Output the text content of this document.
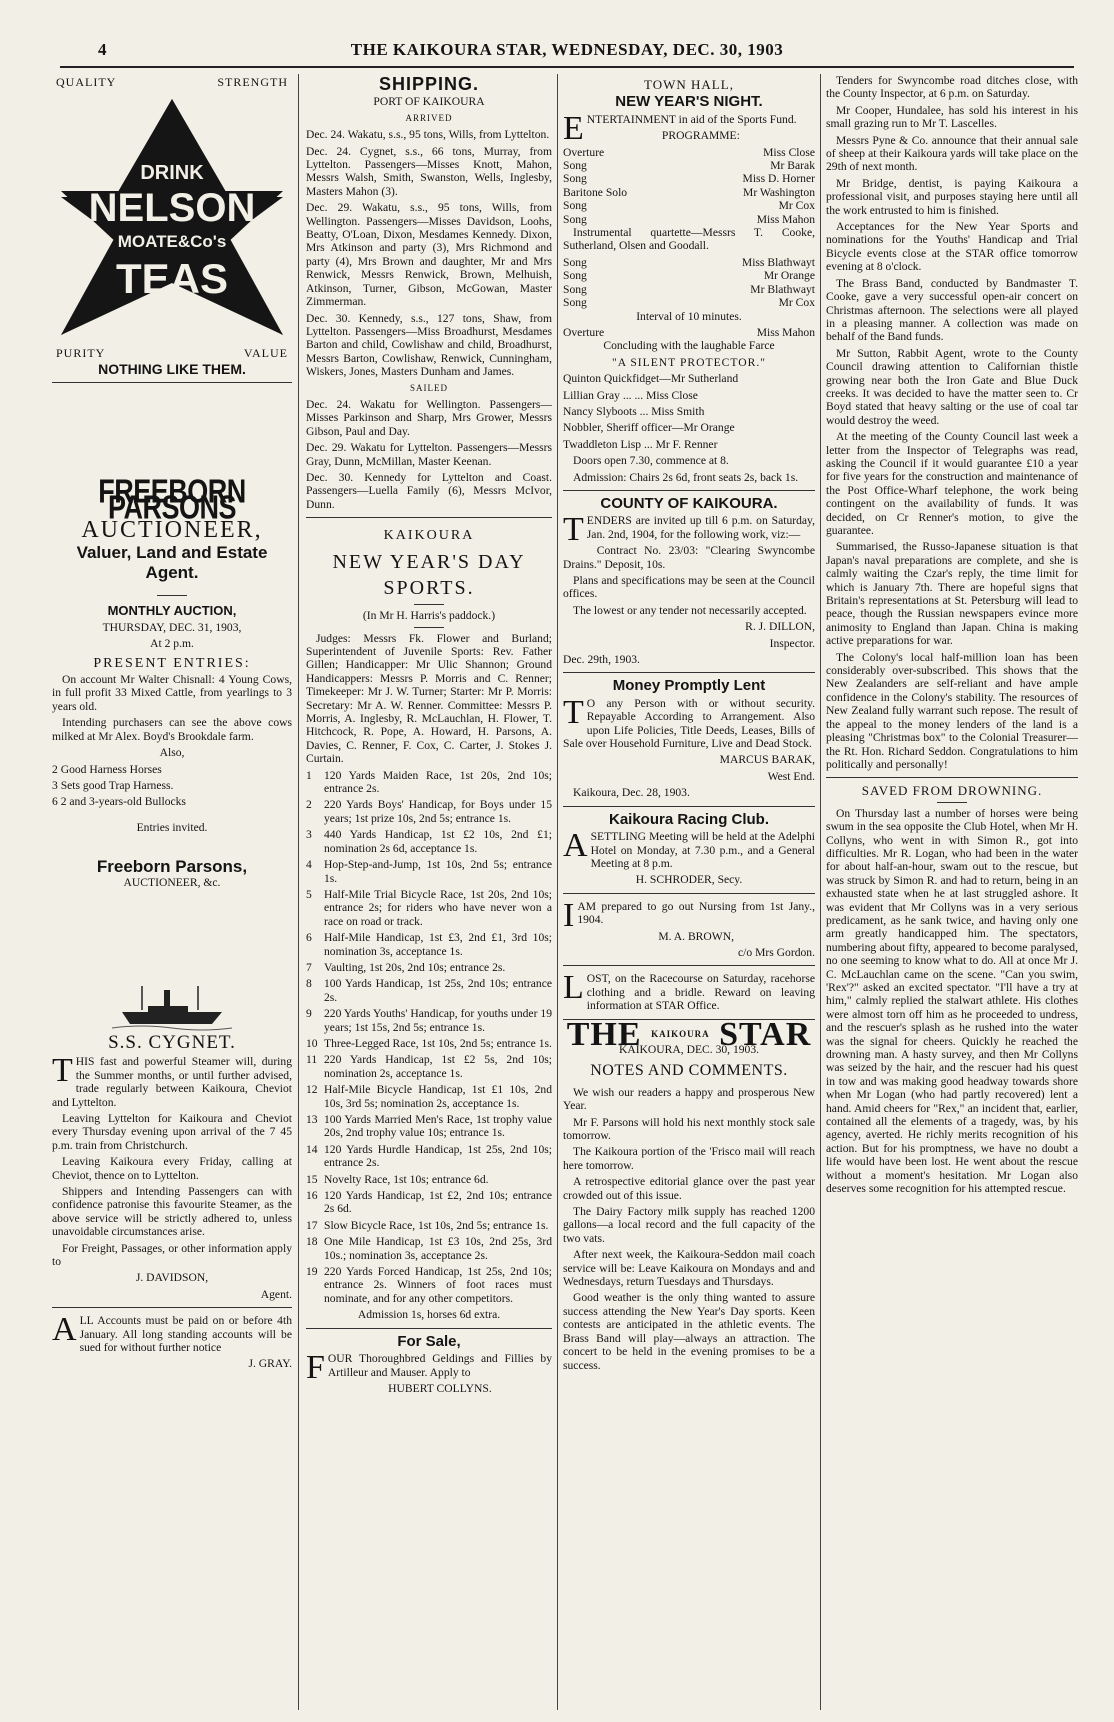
4	THE KAIKOURA STAR, WEDNESDAY, DEC. 30, 1903
QUALITY	STRENGTH
DRINK
NELSON
MOATE&Co's
TEAS
PURITY	VALUE

NOTHING LIKE THEM.

FREEBORN PARSONS
AUCTIONEER,
Valuer, Land and Estate Agent.

MONTHLY AUCTION,

THURSDAY, DEC. 31, 1903,

At 2 p.m.

PRESENT ENTRIES:

On account Mr Walter Chisnall: 4 Young Cows, in full profit 33 Mixed Cattle, from yearlings to 3 years old.

Intending purchasers can see the above cows milked at Mr Alex. Boyd's Brookdale farm.

Also,

2 Good Harness Horses

3 Sets good Trap Harness.

6 2 and 3-years-old Bullocks

Entries invited.

Freeborn Parsons,

AUCTIONEER, &c.

S.S. CYGNET.

THIS fast and powerful Steamer will, during the Summer months, or until further advised, trade regularly between Kaikoura, Cheviot and Lyttelton.

Leaving Lyttelton for Kaikoura and Cheviot every Thursday evening upon arrival of the 7 45 p.m. train from Christchurch.

Leaving Kaikoura every Friday, calling at Cheviot, thence on to Lyttelton.

Shippers and Intending Passengers can with confidence patronise this favourite Steamer, as the above service will be strictly adhered to, unless unavoidable circumstances arise.

For Freight, Passages, or other information apply to

J. DAVIDSON,

Agent.

ALL Accounts must be paid on or before 4th January. All long standing accounts will be sued for without further notice

J. GRAY.

SHIPPING.

PORT OF KAIKOURA

ARRIVED

Dec. 24. Wakatu, s.s., 95 tons, Wills, from Lyttelton.

Dec. 24. Cygnet, s.s., 66 tons, Murray, from Lyttelton. Passengers—Misses Knott, Mahon, Messrs Walsh, Smith, Swanston, Wells, Inglesby, Masters Mahon (3).

Dec. 29. Wakatu, s.s., 95 tons, Wills, from Wellington. Passengers—Misses Davidson, Loohs, Beatty, O'Loan, Dixon, Mesdames Kennedy. Dixon, Mrs Atkinson and party (3), Mrs Richmond and party (4), Mrs Brown and daughter, Mr and Mrs Renwick, Messrs Renwick, Brown, Melhuish, Atkinson, Turner, Gibson, McGowan, Master Zimmerman.

Dec. 30. Kennedy, s.s., 127 tons, Shaw, from Lyttelton. Passengers—Miss Broadhurst, Mesdames Barton and child, Cowlishaw and child, Broadhurst, Messrs Barton, Cowlishaw, Renwick, Cunningham, Wiskers, Jones, Masters Dunham and James.

SAILED

Dec. 24. Wakatu for Wellington. Passengers—Misses Parkinson and Sharp, Mrs Grower, Messrs Gibson, Paul and Day.

Dec. 29. Wakatu for Lyttelton. Passengers—Messrs Gray, Dunn, McMillan, Master Keenan.

Dec. 30. Kennedy for Lyttelton and Coast. Passengers—Luella Family (6), Messrs McIvor, Dunn.

KAIKOURA
NEW YEAR'S DAY
SPORTS.

(In Mr H. Harris's paddock.)

Judges: Messrs Fk. Flower and Burland; Superintendent of Juvenile Sports: Rev. Father Gillen; Handicapper: Mr Ulic Shannon; Ground Handicappers: Messrs P. Morris and C. Renner; Timekeeper: Mr J. W. Turner; Starter: Mr P. Morris: Secretary: Mr A. W. Renner. Committee: Messrs P. Morris, A. Inglesby, R. McLauchlan, H. Flower, T. Hitchcock, R. Pope, A. Howard, H. Parsons, A. Davies, C. Renner, F. Cox, C. Carter, J. Stokes J. Curtain.

1	120 Yards Maiden Race, 1st 20s, 2nd 10s; entrance 2s.
2	220 Yards Boys' Handicap, for Boys under 15 years; 1st prize 10s, 2nd 5s; entrance 1s.
3	440 Yards Handicap, 1st £2 10s, 2nd £1; nomination 2s 6d, acceptance 1s.
4	Hop-Step-and-Jump, 1st 10s, 2nd 5s; entrance 1s.
5	Half-Mile Trial Bicycle Race, 1st 20s, 2nd 10s; entrance 2s; for riders who have never won a race on road or track.
6	Half-Mile Handicap, 1st £3, 2nd £1, 3rd 10s; nomination 3s, acceptance 1s.
7	Vaulting, 1st 20s, 2nd 10s; entrance 2s.
8	100 Yards Handicap, 1st 25s, 2nd 10s; entrance 2s.
9	220 Yards Youths' Handicap, for youths under 19 years; 1st 15s, 2nd 5s; entrance 1s.
10 Three-Legged Race, 1st 10s, 2nd 5s; entrance 1s.
11 220 Yards Handicap, 1st £2 5s, 2nd 10s; nomination 2s, acceptance 1s.
12 Half-Mile Bicycle Handicap, 1st £1 10s, 2nd 10s, 3rd 5s; nomination 2s, acceptance 1s.
13 100 Yards Married Men's Race, 1st trophy value 20s, 2nd trophy value 10s; entrance 1s.
14 120 Yards Hurdle Handicap, 1st 25s, 2nd 10s; entrance 2s.
15 Novelty Race, 1st 10s; entrance 6d.
16 120 Yards Handicap, 1st £2, 2nd 10s; entrance 2s 6d.
17 Slow Bicycle Race, 1st 10s, 2nd 5s; entrance 1s.
18 One Mile Handicap, 1st £3 10s, 2nd 25s, 3rd 10s.; nomination 3s, acceptance 2s.
19 220 Yards Forced Handicap, 1st 25s, 2nd 10s; entrance 2s. Winners of foot races must nominate, and for any other competitors.

Admission 1s, horses 6d extra.

For Sale,

FOUR Thoroughbred Geldings and Fillies by Artilleur and Mauser. Apply to

HUBERT COLLYNS.

TOWN HALL,
NEW YEAR'S NIGHT.

ENTERTAINMENT in aid of the Sports Fund.

PROGRAMME:

Overture	Miss Close
Song	Mr Barak
Song	Miss D. Horner
Baritone Solo	Mr Washington
Song	Mr Cox
Song	Miss Mahon

Instrumental quartette—Messrs T. Cooke, Sutherland, Olsen and Goodall.

Song	Miss Blathwayt
Song	Mr Orange
Song	Mr Blathwayt
Song	Mr Cox

Interval of 10 minutes.

Overture	Miss Mahon

Concluding with the laughable Farce

"A SILENT PROTECTOR."

Quinton Quickfidget—Mr Sutherland

Lillian Gray ... ... Miss Close

Nancy Slyboots ... Miss Smith

Nobbler, Sheriff officer—Mr Orange

Twaddleton Lisp ... Mr F. Renner

Doors open 7.30, commence at 8.

Admission: Chairs 2s 6d, front seats 2s, back 1s.

COUNTY OF KAIKOURA.

TENDERS are invited up till 6 p.m. on Saturday, Jan. 2nd, 1904, for the following work, viz:—

Contract No. 23/03: "Clearing Swyncombe Drains." Deposit, 10s.

Plans and specifications may be seen at the Council offices.

The lowest or any tender not necessarily accepted.

R. J. DILLON,

Inspector.

Dec. 29th, 1903.

Money Promptly Lent

TO any Person with or without security. Repayable According to Arrangement. Also upon Life Policies, Title Deeds, Leases, Bills of Sale over Household Furniture, Live and Dead Stock.

MARCUS BARAK,

West End.

Kaikoura, Dec. 28, 1903.

Kaikoura Racing Club.

ASETTLING Meeting will be held at the Adelphi Hotel on Monday, at 7.30 p.m., and a General Meeting at 8 p.m.

H. SCHRODER, Secy.

IAM prepared to go out Nursing from 1st Jany., 1904.

M. A. BROWN,

c/o Mrs Gordon.

LOST, on the Racecourse on Saturday, racehorse clothing and a bridle. Reward on leaving information at STAR Office.

THE $^{KAIKOURA}$ STAR

KAIKOURA, DEC. 30, 1903.

NOTES AND COMMENTS.

We wish our readers a happy and prosperous New Year.

Mr F. Parsons will hold his next monthly stock sale tomorrow.

The Kaikoura portion of the 'Frisco mail will reach here tomorrow.

A retrospective editorial glance over the past year crowded out of this issue.

The Dairy Factory milk supply has reached 1200 gallons—a local record and the full capacity of the two vats.

After next week, the Kaikoura-Seddon mail coach service will be: Leave Kaikoura on Mondays and and Wednesdays, return Tuesdays and Thursdays.

Good weather is the only thing wanted to assure success attending the New Year's Day sports. Keen contests are anticipated in the athletic events. The Brass Band will play—always an attraction. The concert to be held in the evening promises to be a success.

Tenders for Swyncombe road ditches close, with the County Inspector, at 6 p.m. on Saturday.

Mr Cooper, Hundalee, has sold his interest in his small grazing run to Mr T. Lascelles.

Messrs Pyne & Co. announce that their annual sale of sheep at their Kaikoura yards will take place on the 29th of next month.

Mr Bridge, dentist, is paying Kaikoura a professional visit, and purposes staying here until all the work entrusted to him is finished.

Acceptances for the New Year Sports and nominations for the Youths' Handicap and Trial Bicycle events close at the STAR office tomorrow evening at 8 o'clock.

The Brass Band, conducted by Bandmaster T. Cooke, gave a very successful open-air concert on Christmas afternoon. The selections were all played in a pleasing manner. A collection was made on behalf of the Band funds.

Mr Sutton, Rabbit Agent, wrote to the County Council drawing attention to Californian thistle growing near both the Iron Gate and Blue Duck creeks. It was decided to have the matter seen to. Cr Boyd stated that heavy salting or the use of coal tar would destroy the weed.

At the meeting of the County Council last week a letter from the Inspector of Telegraphs was read, asking the Council if it would guarantee £10 a year for five years for the construction and maintenance of the Post Office-Wharf telephone, the work being contingent on the availability of funds. It was decided, on Cr Renner's motion, to give the guarantee.

Summarised, the Russo-Japanese situation is that Japan's naval preparations are complete, and she is calmly waiting the Czar's reply, the time limit for which is January 7th. There are hopeful signs that Britain's representations at St. Petersburg will lead to peace, though the Russian newspapers evince more animosity to England than Japan. China is making active preparations for war.

The Colony's local half-million loan has been considerably over-subscribed. This shows that the New Zealanders are self-reliant and have ample confidence in the Colony's stability. The resources of New Zealand fully warrant such repose. The result of the appeal to the money lenders of the land is a pleasing "Christmas box" to the Colonial Treasurer—the Rt. Hon. Richard Seddon. Congratulations to him politically and personally!

SAVED FROM DROWNING.

On Thursday last a number of horses were being swum in the sea opposite the Club Hotel, when Mr H. Collyns, who went in with Simon R., got into difficulties. Mr R. Logan, who had been in the water for about half-an-hour, swam out to the rescue, but was struck by Simon R. and had to return, being in an exhausted state when he at last struggled ashore. It was evident that Mr Collyns was in a very serious predicament, as he sank twice, and having only one arm greatly handicapped him. The spectators, numbering about fifty, appeared to become paralysed, no one seeming to know what to do. All at once Mr J. C. McLauchlan came on the scene. "Can you swim, 'Rex'?" asked an excited spectator. "I'll have a try at him," calmly replied the stalwart athlete. His clothes were almost torn off him as he proceeded to undress, and the rescuer's splash as he rushed into the water was the signal for cheers. Quickly he reached the drowning man. A hasty survey, and then Mr Collyns was seized by the hair, and the rescuer had his quest in tow and was making good headway towards shore when Mr Logan (who had partly recovered) lent a hand. Amid cheers for "Rex," an incident that, earlier, contained all the elements of a tragedy, was, by his agency, averted. He richly merits recognition of his action. But for his promptness, we have no doubt a life would have been lost. He went about the rescue without a moment's hesitation. Mr Logan also deserves some recognition for his attempted rescue.
